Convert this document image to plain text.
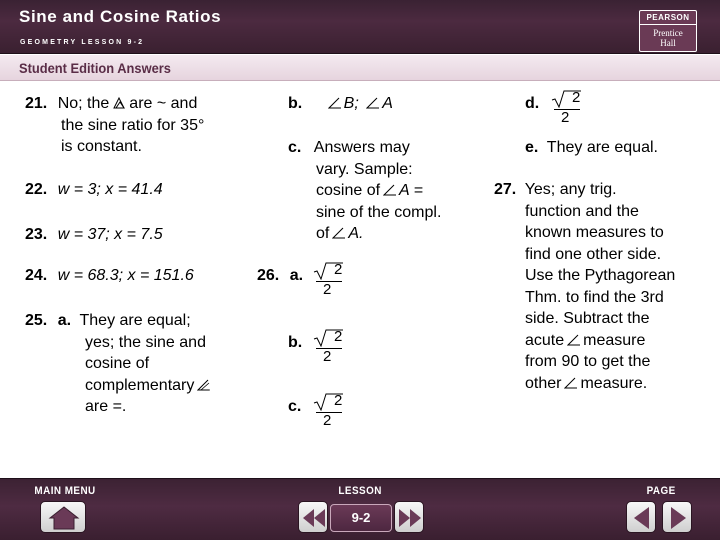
Sine and Cosine Ratios
GEOMETRY LESSON 9-2
PEARSON
Prentice
Hall
Student Edition Answers
21. No; the are ~ and
the sine ratio for 35°
is constant.
22. w = 3; x = 41.4
23. w = 37; x = 7.5
24. w = 68.3; x = 151.6
25. a. They are equal;
yes; the sine and
cosine of
complementary
are =.
b.	B; A
c. Answers may
vary. Sample:
cosine of A =
sine of the compl.
of A.
26. a. 2
2
b. 2
2
c. 2
2
d. 2
2
e. They are equal.
27. Yes; any trig.
function and the
known measures to
find one other side.
Use the Pythagorean
Thm. to find the 3rd
side. Subtract the
acute measure
from 90 to get the
other measure.
MAIN MENU	LESSON	PAGE
9-2
